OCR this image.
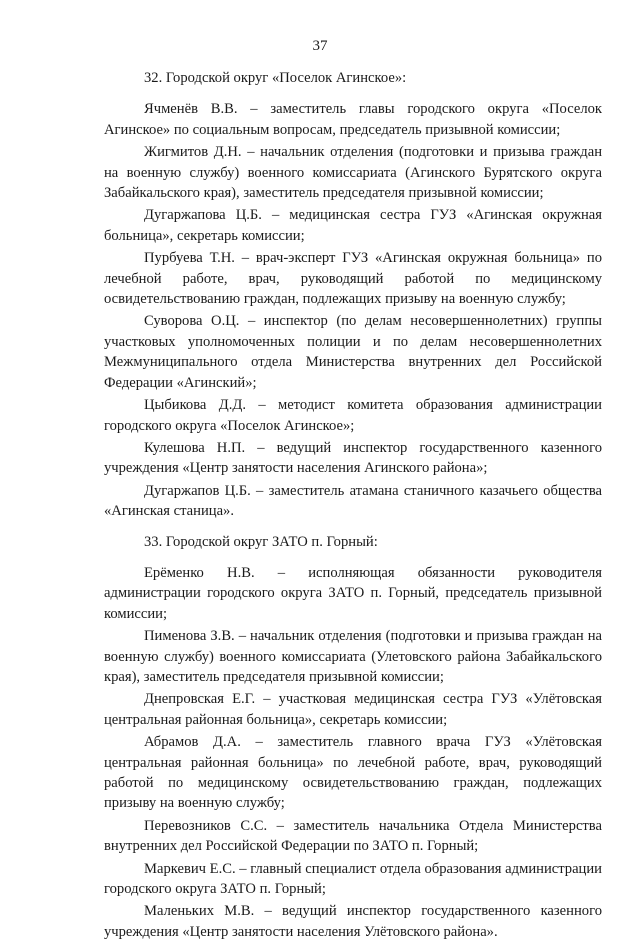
37

32. Городской округ «Поселок Агинское»:

Ячменёв В.В. – заместитель главы городского округа «Поселок Агинское» по социальным вопросам, председатель призывной комиссии;

Жигмитов Д.Н. – начальник отделения (подготовки и призыва граждан на военную службу) военного комиссариата (Агинского Бурятского округа Забайкальского края), заместитель председателя призывной комиссии;

Дугаржапова Ц.Б. – медицинская сестра ГУЗ «Агинская окружная больница», секретарь комиссии;

Пурбуева Т.Н. – врач-эксперт ГУЗ «Агинская окружная больница» по лечебной работе, врач, руководящий работой по медицинскому освидетельствованию граждан, подлежащих призыву на военную службу;

Суворова О.Ц. – инспектор (по делам несовершеннолетних) группы участковых уполномоченных полиции и по делам несовершеннолетних Межмуниципального отдела Министерства внутренних дел Российской Федерации «Агинский»;

Цыбикова Д.Д. – методист комитета образования администрации городского округа «Поселок Агинское»;

Кулешова Н.П. – ведущий инспектор государственного казенного учреждения «Центр занятости населения Агинского района»;

Дугаржапов Ц.Б. – заместитель атамана станичного казачьего общества «Агинская станица».

33. Городской округ ЗАТО п. Горный:

Ерёменко Н.В. – исполняющая обязанности руководителя администрации городского округа ЗАТО п. Горный, председатель призывной комиссии;

Пименова З.В. – начальник отделения (подготовки и призыва граждан на военную службу) военного комиссариата (Улетовского района Забайкальского края), заместитель председателя призывной комиссии;

Днепровская Е.Г. – участковая медицинская сестра ГУЗ «Улётовская центральная районная больница», секретарь комиссии;

Абрамов Д.А. – заместитель главного врача ГУЗ «Улётовская центральная районная больница» по лечебной работе, врач, руководящий работой по медицинскому освидетельствованию граждан, подлежащих призыву на военную службу;

Перевозников С.С. – заместитель начальника Отдела Министерства внутренних дел Российской Федерации по ЗАТО п. Горный;

Маркевич Е.С. – главный специалист отдела образования администрации городского округа ЗАТО п. Горный;

Маленьких М.В. – ведущий инспектор государственного казенного учреждения «Центр занятости населения Улётовского района».
